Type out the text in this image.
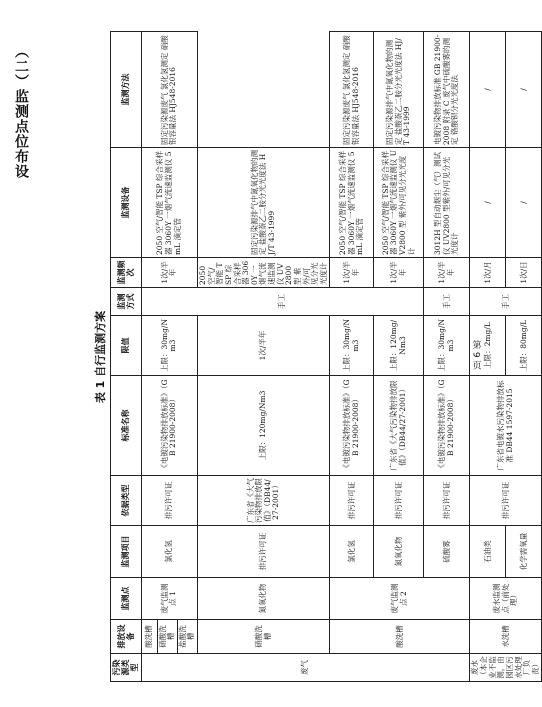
（二）监测点位布设
表 1 自行监测方案
污染源类型	排放设备	监测点	监测项目	依据类型	标准名称	限值	监测方式	监测频次	监测设备	监测方法
废气	酸洗槽	废气监测点 1	氯化氢	排污许可证	《电镀污染物排放标准》（GB 21900-2008）	上限：30mg/Nm3	手工	1次/半年	2050 空气/智能 TSP 综合采样器 3060Y 一烟气流速监测仪 5mL 滴定管	固定污染源废气 氯化氢测定 硝酸银容量法 HJ548-2016
	硝酸洗槽									
	盐酸洗槽									
	硝酸洗槽	氮氧化物	排污许可证	广东省《大气污染物排放限值》（DB44/27-2001）	上限：120mg/Nm3	1次/半年		2050 空气/智能 TSP 综合采样器 3060Y 一烟气流速监测仪 UV2800 型 紫外/可见分光光度计	固定污染源排气中氮氧化物的测定 盐酸萘乙二胺分光光度法 HJ/T 43-1999	
	酸洗槽	废气监测点 2	氯化氢	排污许可证	《电镀污染物排放标准》（GB 21900-2008）	上限：30mg/Nm3		1次/半年	2050 空气/智能 TSP 综合采样器 3060Y 一烟气流速监测仪 5mL 滴定管	固定污染源废气 氯化氢测定 硝酸银容量法 HJ548-2016
			氮氧化物	排污许可证	广东省《大气污染物排放限值》（DB44/27-2001）	上限：120mg/Nm3		1次/半年	2050 空气/智能 TSP 综合采样器 3060Y 一烟气流速监测仪 UV2800 型 紫外/可见分光光度计	固定污染源排气中氮氧化物的测定 盐酸萘乙二胺分光光度法 HJ/T 43-1999
			硫酸雾	排污许可证	《电镀污染物排放标准》（GB 21900-2008）	上限：30mg/Nm3	手工	1次/半年	3012H 型自动烟尘（气）测试仪 UV2800 型紫外/可见分光光度计	电镀污染物排放标准 GB 21900-2008 附录 C 废气中硫酸雾的测定 铬酸钡分光光度法
废水（本企业不监测，由园区污水处理厂负责）	水洗槽	废水监测点（前处理）	石油类	排污许可证	广东省电镀水污染物排放标准 DB44 1597-2015	上限：2mg/L	手工	1次/月	/	/
			化学需氧量			上限：80mg/L		1次/日	/	/
第 9 页
